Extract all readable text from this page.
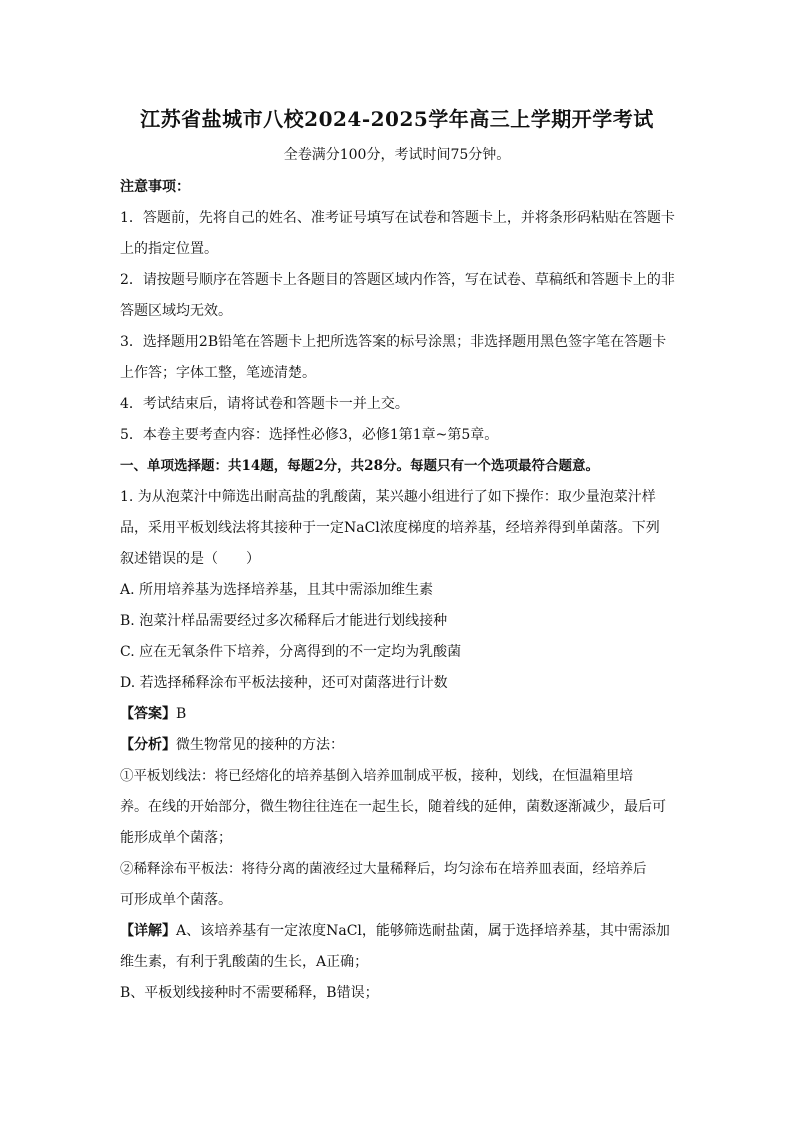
江苏省盐城市八校2024-2025学年高三上学期开学考试
全卷满分100分，考试时间75分钟。
注意事项：
1．答题前，先将自己的姓名、准考证号填写在试卷和答题卡上，并将条形码粘贴在答题卡
上的指定位置。
2．请按题号顺序在答题卡上各题目的答题区域内作答，写在试卷、草稿纸和答题卡上的非
答题区域均无效。
3．选择题用2B铅笔在答题卡上把所选答案的标号涂黑；非选择题用黑色签字笔在答题卡
上作答；字体工整，笔迹清楚。
4．考试结束后，请将试卷和答题卡一并上交。
5．本卷主要考查内容：选择性必修3，必修1第1章~第5章。
一、单项选择题：共14题，每题2分，共28分。每题只有一个选项最符合题意。
1. 为从泡菜汁中筛选出耐高盐的乳酸菌，某兴趣小组进行了如下操作：取少量泡菜汁样
品，采用平板划线法将其接种于一定NaCl浓度梯度的培养基，经培养得到单菌落。下列
叙述错误的是（　　）
A. 所用培养基为选择培养基，且其中需添加维生素
B. 泡菜汁样品需要经过多次稀释后才能进行划线接种
C. 应在无氧条件下培养，分离得到的不一定均为乳酸菌
D. 若选择稀释涂布平板法接种，还可对菌落进行计数
【答案】B
【分析】微生物常见的接种的方法：
①平板划线法：将已经熔化的培养基倒入培养皿制成平板，接种，划线，在恒温箱里培
养。在线的开始部分，微生物往往连在一起生长，随着线的延伸，菌数逐渐减少，最后可
能形成单个菌落；
②稀释涂布平板法：将待分离的菌液经过大量稀释后，均匀涂布在培养皿表面，经培养后
可形成单个菌落。
【详解】A、该培养基有一定浓度NaCl，能够筛选耐盐菌，属于选择培养基，其中需添加
维生素，有利于乳酸菌的生长，A正确；
B、平板划线接种时不需要稀释，B错误；
